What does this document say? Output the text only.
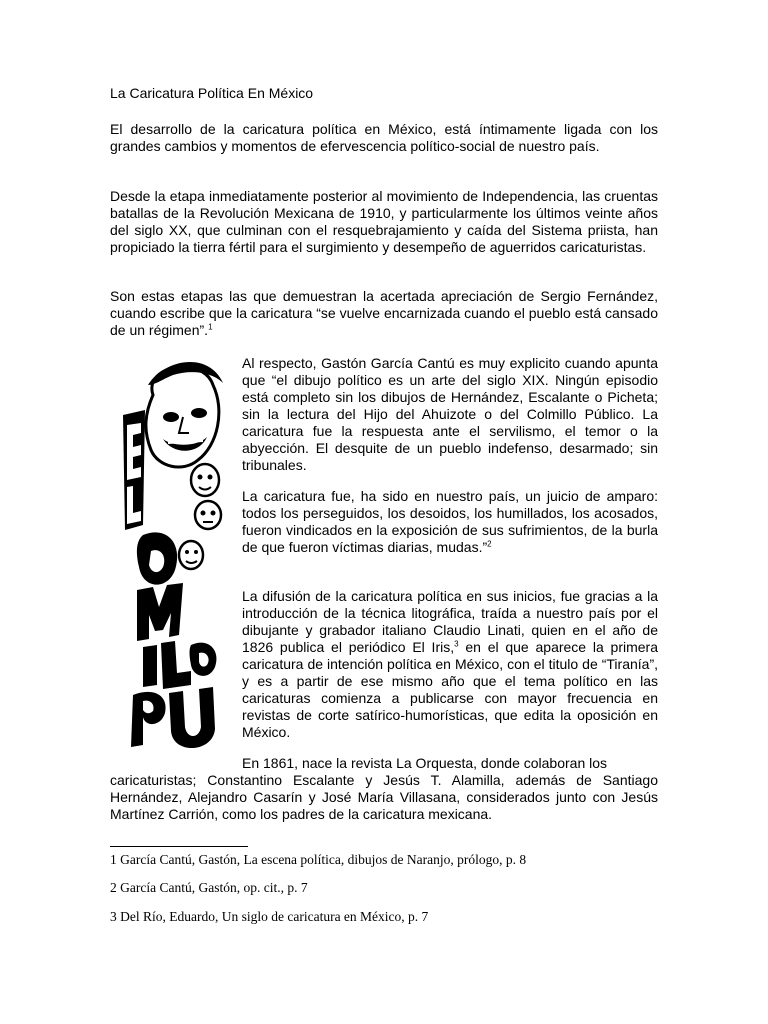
La Caricatura Política En México

El desarrollo de la caricatura política en México, está íntimamente ligada con los grandes cambios y momentos de efervescencia político-social de nuestro país.

Desde la etapa inmediatamente posterior al movimiento de Independencia, las cruentas batallas de la Revolución Mexicana de 1910, y particularmente los últimos veinte años del siglo XX, que culminan con el resquebrajamiento y caída del Sistema priista, han propiciado la tierra fértil para el surgimiento y desempeño de aguerridos caricaturistas.

Son estas etapas las que demuestran la acertada apreciación de Sergio Fernández, cuando escribe que la caricatura “se vuelve encarnizada cuando el pueblo está cansado de un régimen”.$^1$

Al respecto, Gastón García Cantú es muy explicito cuando apunta que “el dibujo político es un arte del siglo XIX. Ningún episodio está completo sin los dibujos de Hernández, Escalante o Picheta; sin la lectura del Hijo del Ahuizote o del Colmillo Público. La caricatura fue la respuesta ante el servilismo, el temor o la abyección. El desquite de un pueblo indefenso, desarmado; sin tribunales.

La caricatura fue, ha sido en nuestro país, un juicio de amparo: todos los perseguidos, los desoidos, los humillados, los acosados, fueron vindicados en la exposición de sus sufrimientos, de la burla de que fueron víctimas diarias, mudas.”$^2$

La difusión de la caricatura política en sus inicios, fue gracias a la introducción de la técnica litográfica, traída a nuestro país por el dibujante y grabador italiano Claudio Linati, quien en el año de 1826 publica el periódico El Iris,$^3$ en el que aparece la primera caricatura de intención política en México, con el titulo de “Tiranía”, y es a partir de ese mismo año que el tema político en las caricaturas comienza a publicarse con mayor frecuencia en revistas de corte satírico-humorísticas, que edita la oposición en México.

En 1861, nace la revista La Orquesta, donde colaboran los
caricaturistas; Constantino Escalante y Jesús T. Alamilla, además de Santiago Hernández, Alejandro Casarín y José María Villasana, considerados junto con Jesús Martínez Carrión, como los padres de la caricatura mexicana.

1 García Cantú, Gastón, La escena política, dibujos de Naranjo, prólogo, p. 8

2 García Cantú, Gastón, op. cit., p. 7

3 Del Río, Eduardo, Un siglo de caricatura en México, p. 7
